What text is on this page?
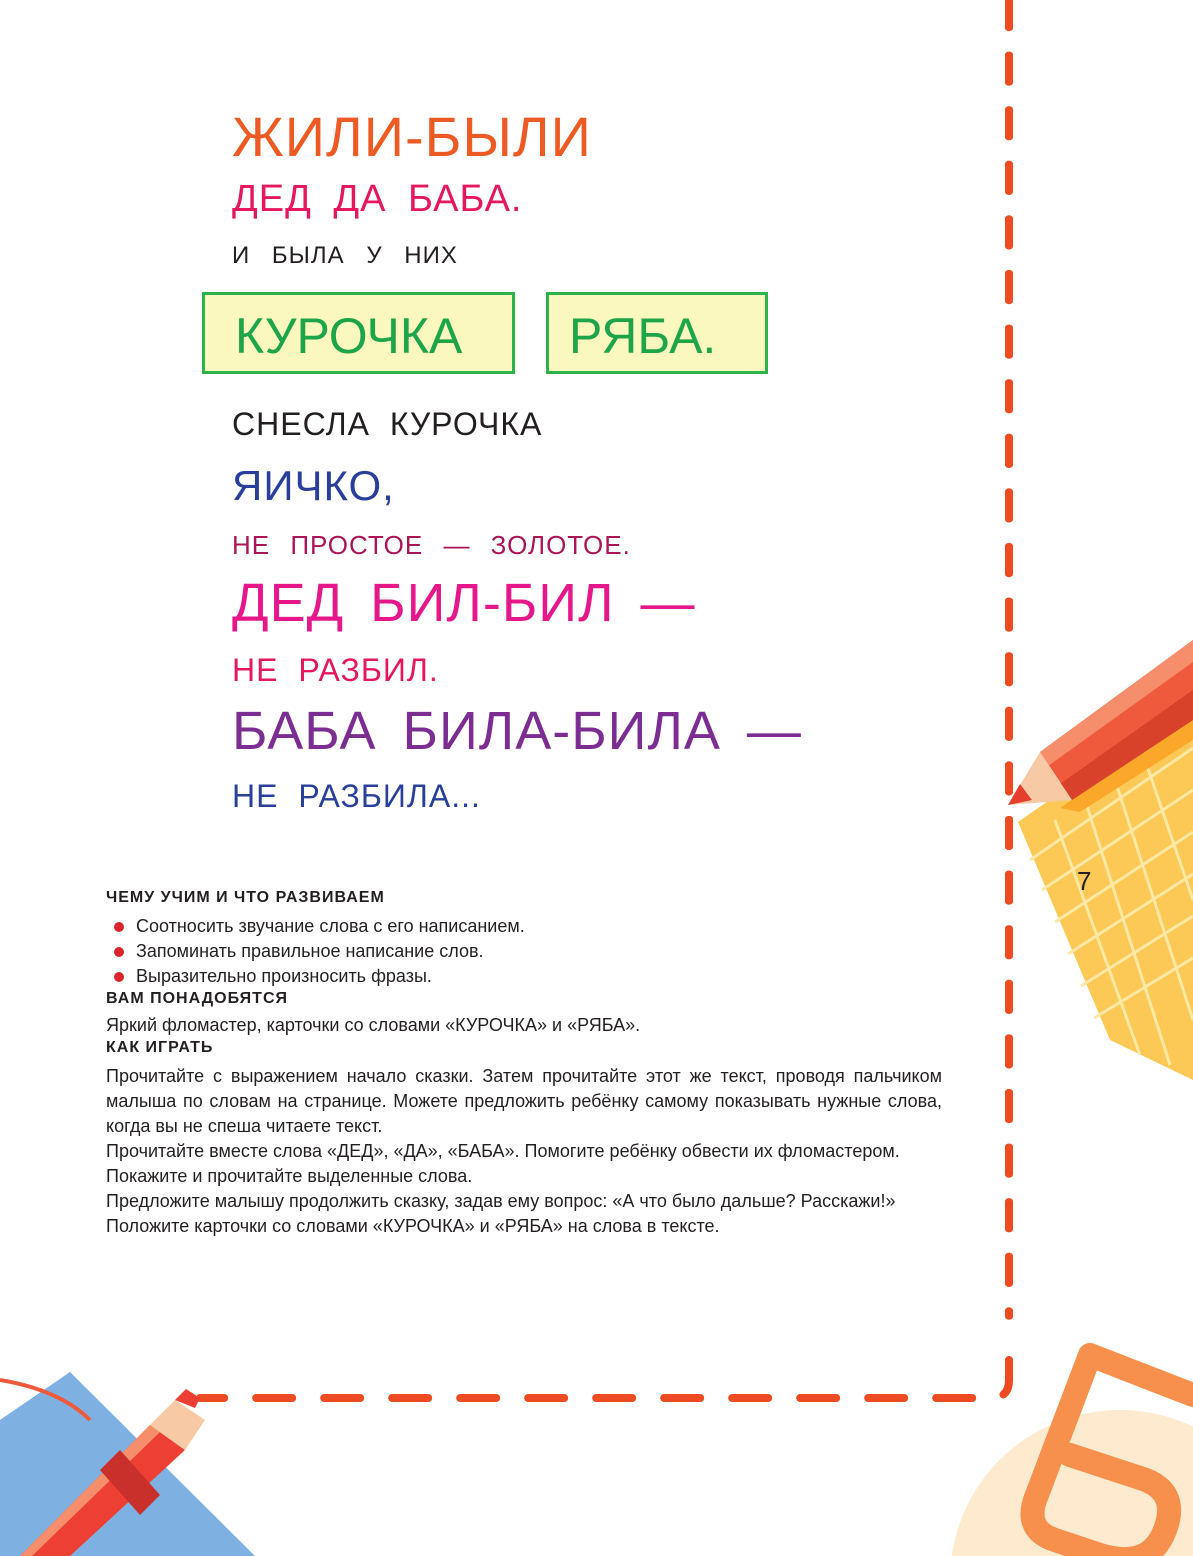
ЖИЛИ-БЫЛИ
ДЕД ДА БАБА.
И БЫЛА У НИХ
КУРОЧКА	РЯБА.
СНЕСЛА КУРОЧКА
ЯИЧКО,
НЕ ПРОСТОЕ — ЗОЛОТОЕ.
ДЕД БИЛ-БИЛ —
НЕ РАЗБИЛ.
БАБА БИЛА-БИЛА —
НЕ РАЗБИЛА...
7
ЧЕМУ УЧИМ И ЧТО РАЗВИВАЕМ
Соотносить звучание слова с его написанием.
Запоминать правильное написание слов.
Выразительно произносить фразы.
ВАМ ПОНАДОБЯТСЯ

Яркий фломастер, карточки со словами «КУРОЧКА» и «РЯБА».

КАК ИГРАТЬ

Прочитайте с выражением начало сказки. Затем прочитайте этот же текст, проводя пальчиком малыша по словам на странице. Можете предложить ребёнку самому показывать нужные слова, когда вы не спеша читаете текст.

Прочитайте вместе слова «ДЕД», «ДА», «БАБА». Помогите ребёнку обвести их фломастером.

Покажите и прочитайте выделенные слова.

Предложите малышу продолжить сказку, задав ему вопрос: «А что было дальше? Расскажи!»

Положите карточки со словами «КУРОЧКА» и «РЯБА» на слова в тексте.
